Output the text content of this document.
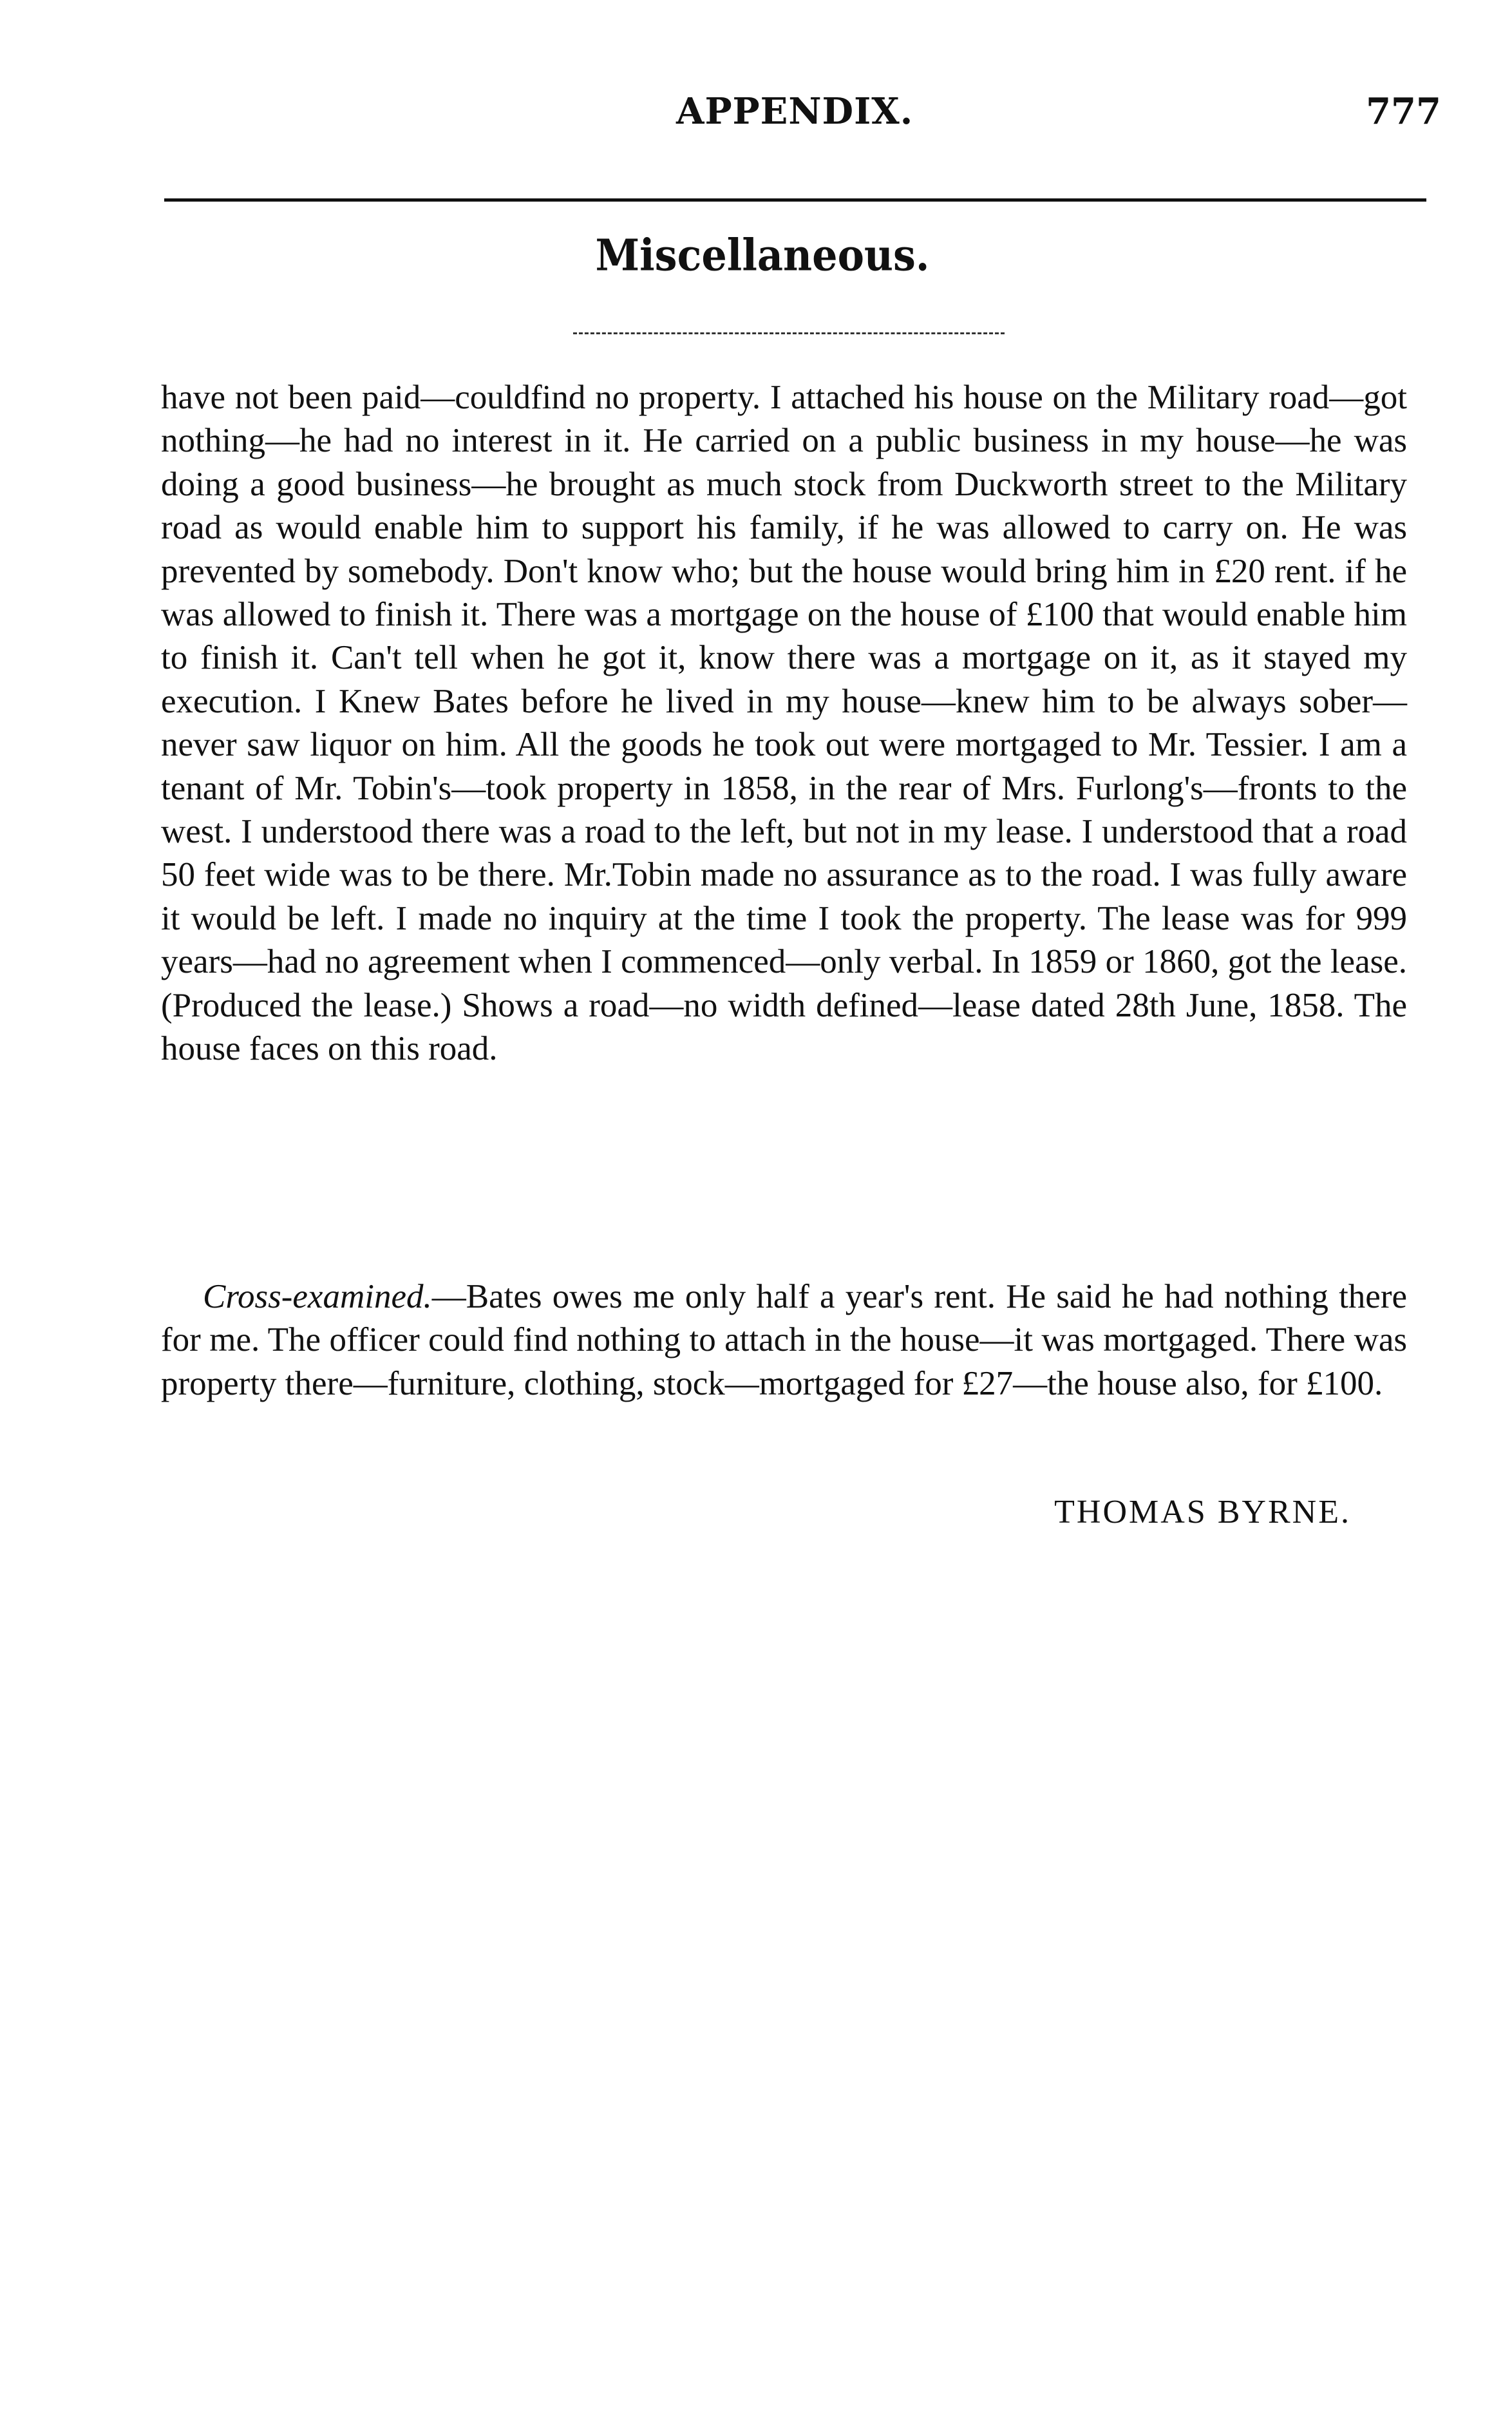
APPENDIX.	777
Miscellaneous.

have not been paid—couldfind no property. I attached his house on the Military road—got nothing—he had no interest in it. He carried on a public business in my house—he was doing a good business—he brought as much stock from Duckworth street to the Military road as would enable him to support his family, if he was allowed to carry on. He was prevented by somebody. Don't know who; but the house would bring him in £20 rent. if he was allowed to finish it. There was a mortgage on the house of £100 that would enable him to finish it. Can't tell when he got it, know there was a mortgage on it, as it stayed my execution. I Knew Bates before he lived in my house—knew him to be always sober—never saw liquor on him. All the goods he took out were mortgaged to Mr. Tessier. I am a tenant of Mr. Tobin's—took property in 1858, in the rear of Mrs. Furlong's—fronts to the west. I understood there was a road to the left, but not in my lease. I understood that a road 50 feet wide was to be there. Mr.Tobin made no assurance as to the road. I was fully aware it would be left. I made no inquiry at the time I took the property. The lease was for 999 years—had no agreement when I commenced—only verbal. In 1859 or 1860, got the lease. (Produced the lease.) Shows a road—no width defined—lease dated 28th June, 1858. The house faces on this road.

Cross-examined.—Bates owes me only half a year's rent. He said he had nothing there for me. The officer could find nothing to attach in the house—it was mortgaged. There was property there—furniture, clothing, stock—mortgaged for £27—the house also, for £100.

THOMAS BYRNE.
